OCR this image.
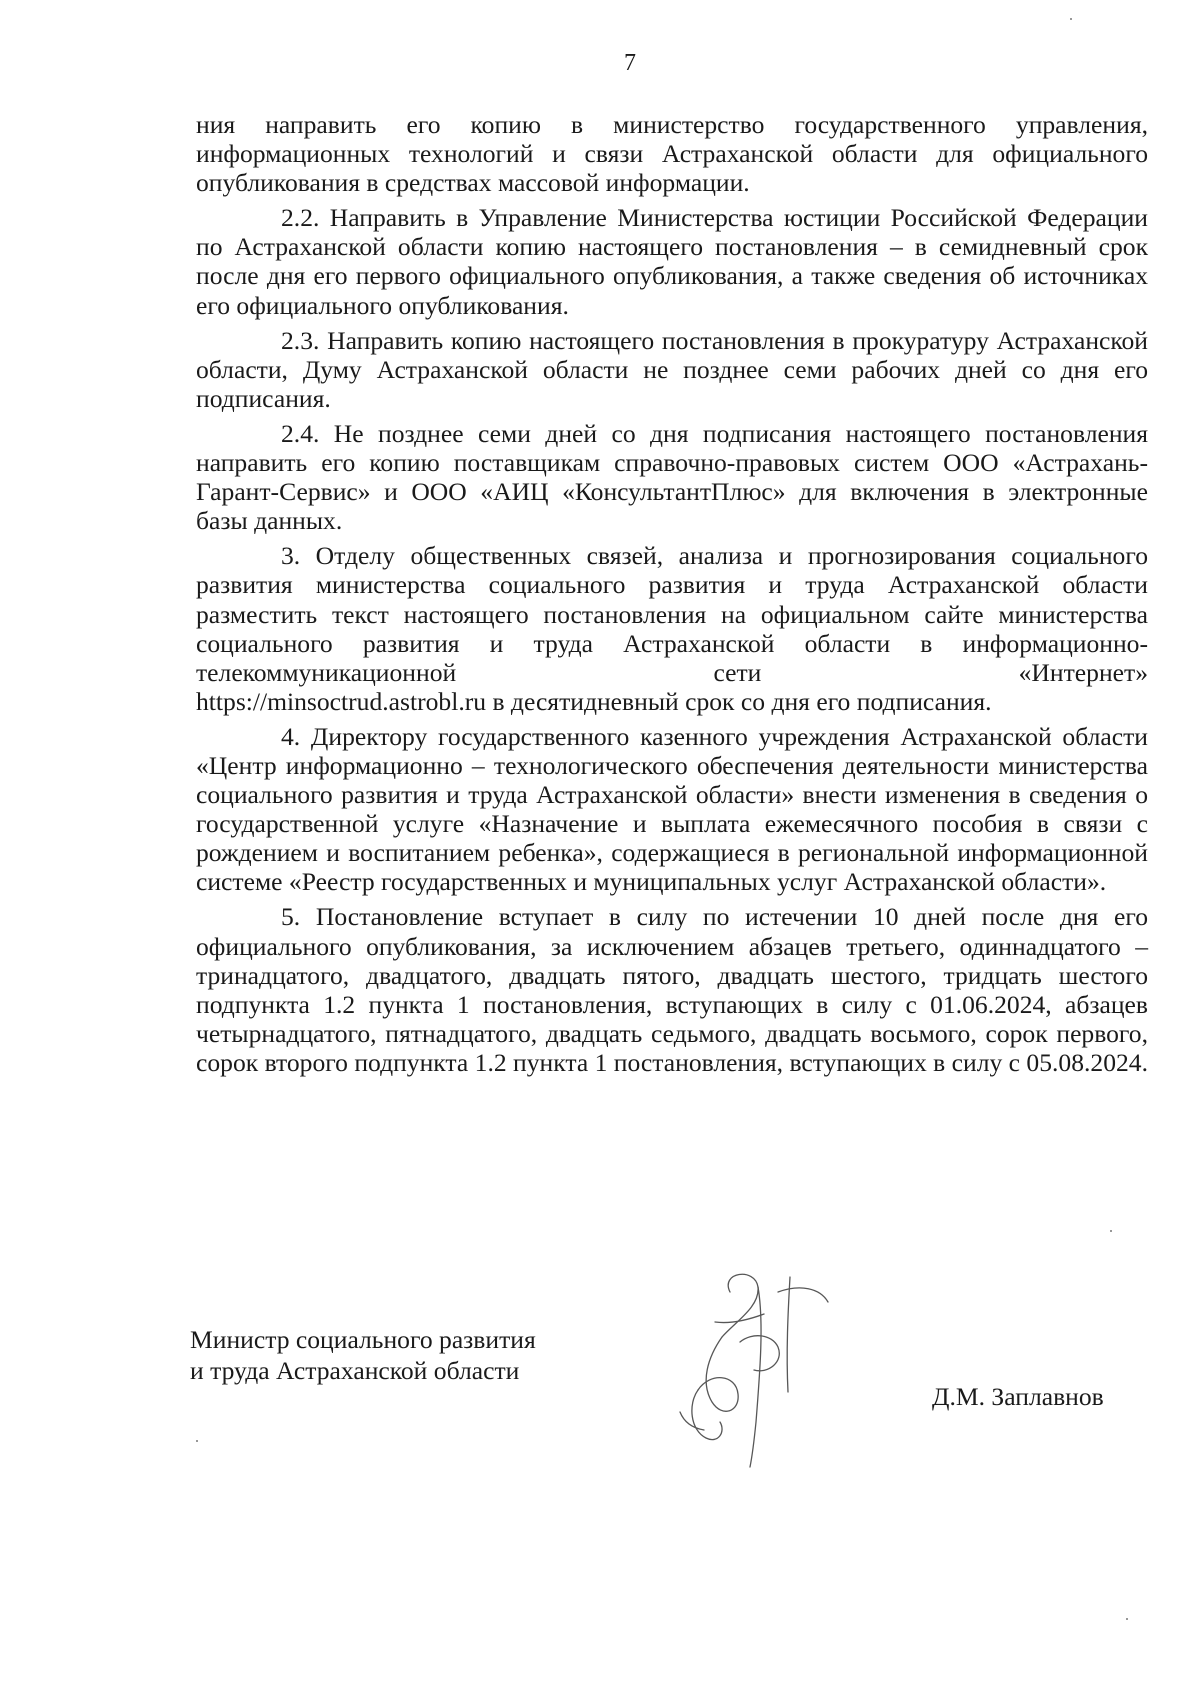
7

ния направить его копию в министерство государственного управления, информационных технологий и связи Астраханской области для официального опубликования в средствах массовой информации.

2.2. Направить в Управление Министерства юстиции Российской Федерации по Астраханской области копию настоящего постановления – в семидневный срок после дня его первого официального опубликования, а также сведения об источниках его официального опубликования.

2.3. Направить копию настоящего постановления в прокуратуру Астраханской области, Думу Астраханской области не позднее семи рабочих дней со дня его подписания.

2.4. Не позднее семи дней со дня подписания настоящего постановления направить его копию поставщикам справочно-правовых систем ООО «Астрахань-Гарант-Сервис» и ООО «АИЦ «КонсультантПлюс» для включения в электронные базы данных.

3. Отделу общественных связей, анализа и прогнозирования социального развития министерства социального развития и труда Астраханской области разместить текст настоящего постановления на официальном сайте министерства социального развития и труда Астраханской области в информационно-телекоммуникационной сети «Интернет»

https://minsoctrud.astrobl.ru в десятидневный срок со дня его подписания.

4. Директору государственного казенного учреждения Астраханской области «Центр информационно – технологического обеспечения деятельности министерства социального развития и труда Астраханской области» внести изменения в сведения о государственной услуге «Назначение и выплата ежемесячного пособия в связи с рождением и воспитанием ребенка», содержащиеся в региональной информационной системе «Реестр государственных и муниципальных услуг Астраханской области».

5. Постановление вступает в силу по истечении 10 дней после дня его официального опубликования, за исключением абзацев третьего, одиннадцатого – тринадцатого, двадцатого, двадцать пятого, двадцать шестого, тридцать шестого подпункта 1.2 пункта 1 постановления, вступающих в силу с 01.06.2024, абзацев четырнадцатого, пятнадцатого, двадцать седьмого, двадцать восьмого, сорок первого, сорок второго подпункта 1.2 пункта 1 постановления, вступающих в силу с 05.08.2024.

Министр социального развития
и труда Астраханской области
Д.М. Заплавнов
